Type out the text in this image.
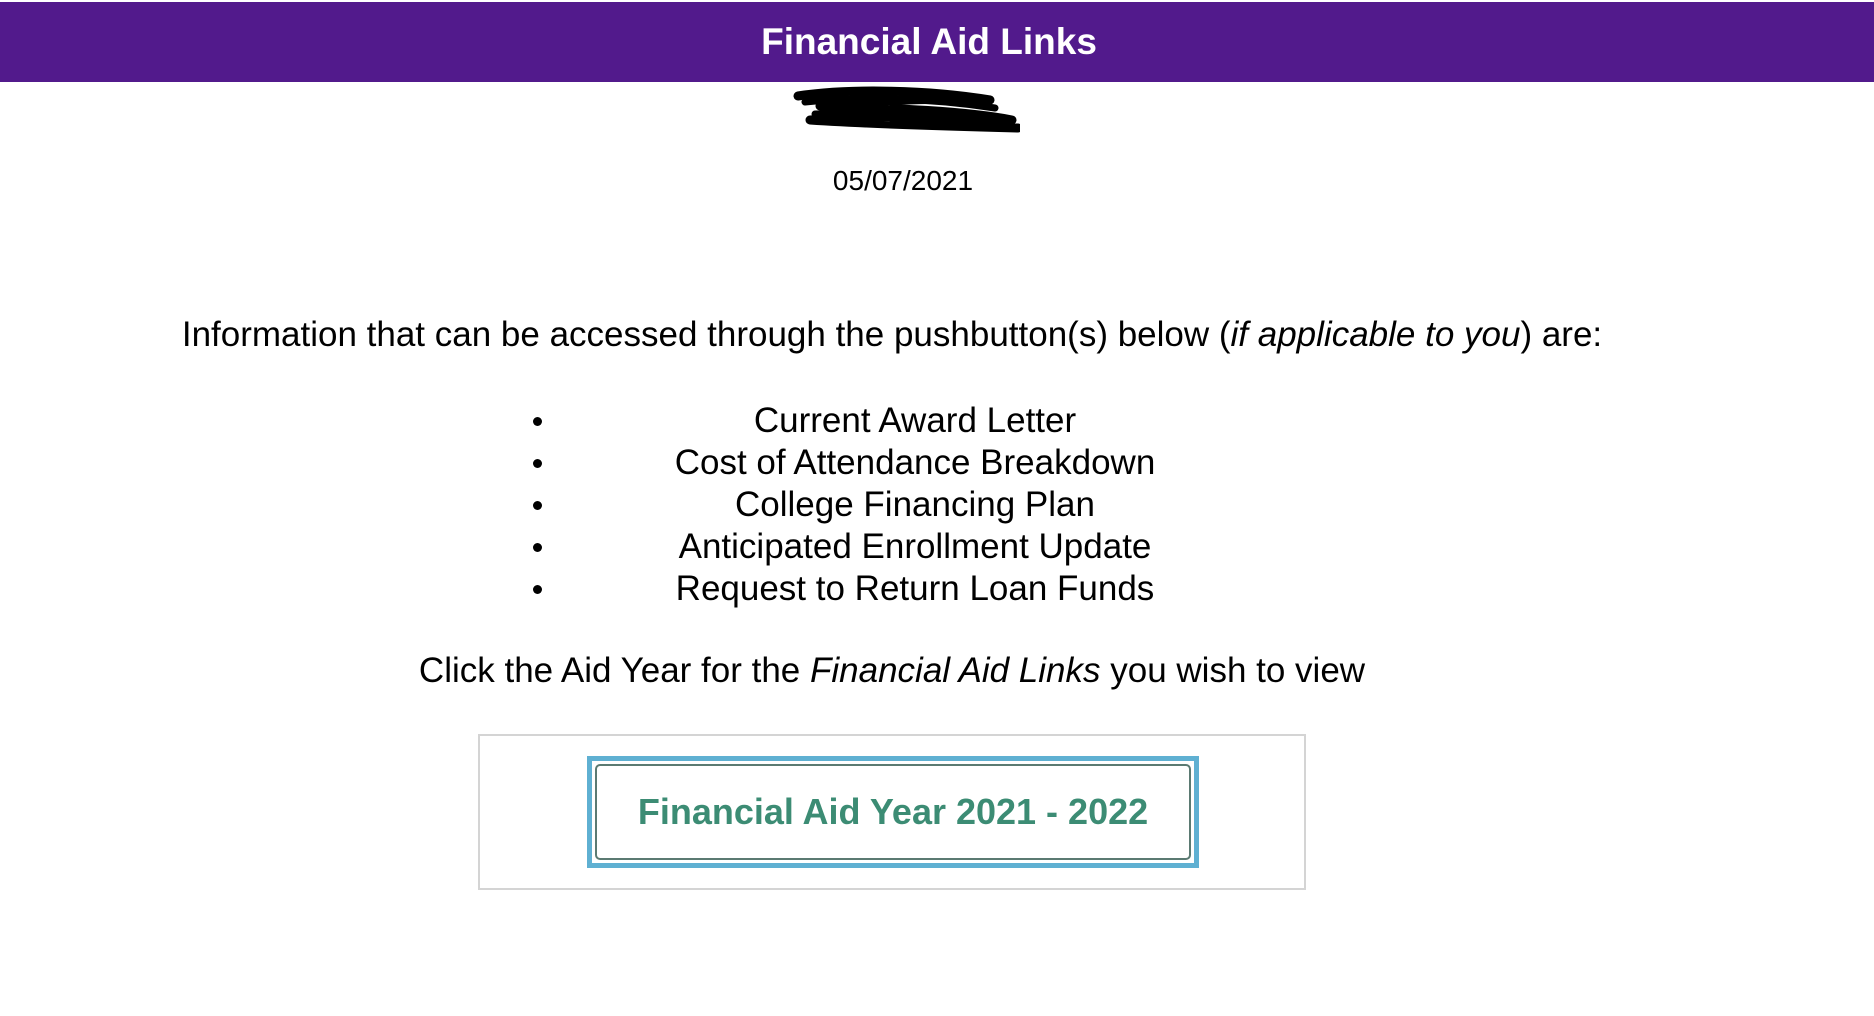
Financial Aid Links
05/07/2021
Information that can be accessed through the pushbutton(s) below (if applicable to you) are:
Current Award Letter
Cost of Attendance Breakdown
College Financing Plan
Anticipated Enrollment Update
Request to Return Loan Funds
Click the Aid Year for the Financial Aid Links you wish to view
Financial Aid Year 2021 - 2022
